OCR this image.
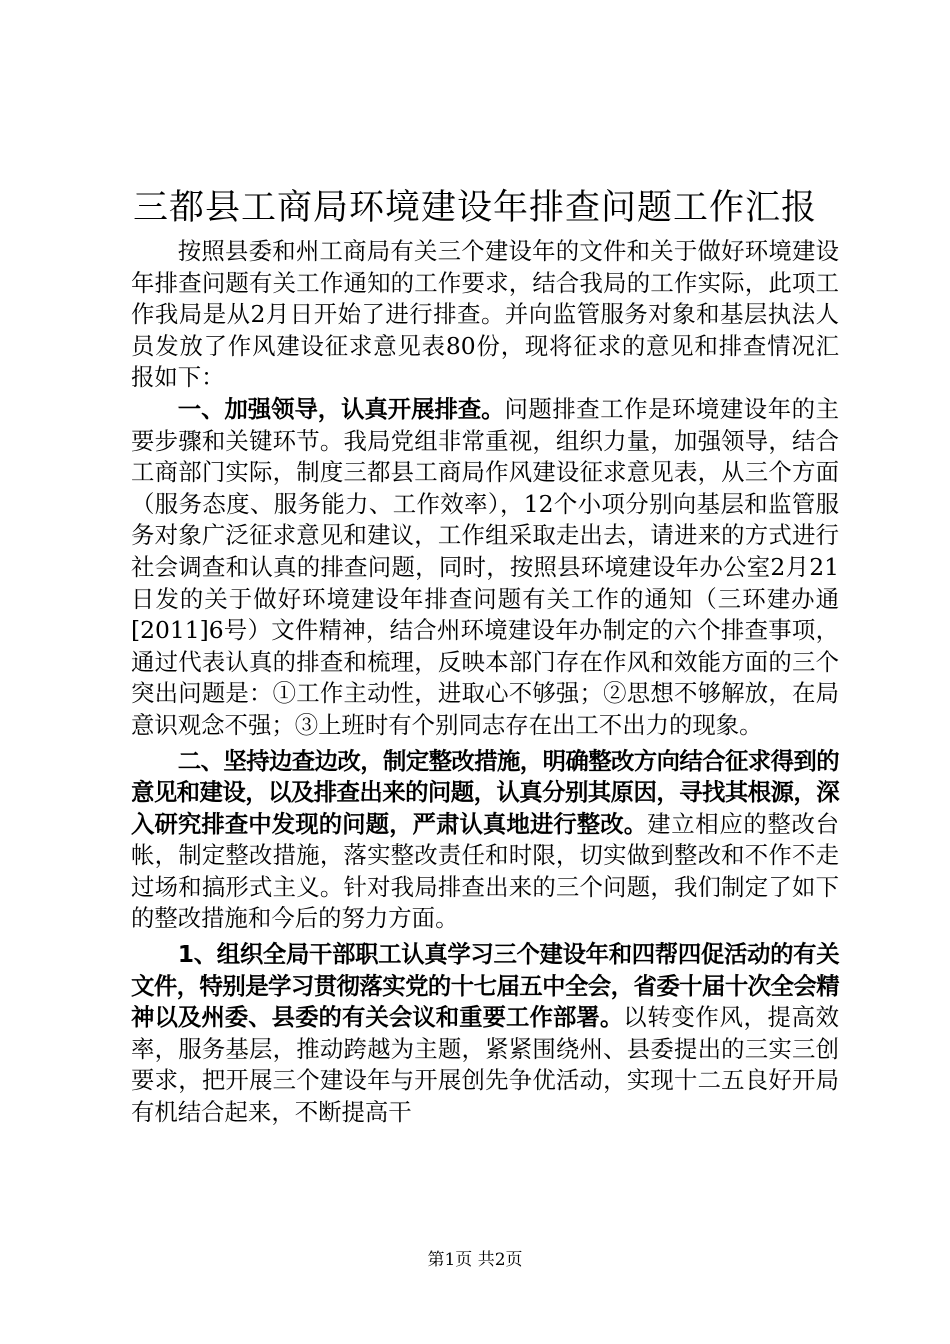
三都县工商局环境建设年排查问题工作汇报

按照县委和州工商局有关三个建设年的文件和关于做好环境建设年排查问题有关工作通知的工作要求，结合我局的工作实际，此项工作我局是从2月日开始了进行排查。并向监管服务对象和基层执法人员发放了作风建设征求意见表80份，现将征求的意见和排查情况汇报如下：

一、加强领导，认真开展排查。问题排查工作是环境建设年的主要步骤和关键环节。我局党组非常重视，组织力量，加强领导，结合工商部门实际，制度三都县工商局作风建设征求意见表，从三个方面（服务态度、服务能力、工作效率），12个小项分别向基层和监管服务对象广泛征求意见和建议，工作组采取走出去，请进来的方式进行社会调查和认真的排查问题，同时，按照县环境建设年办公室2月21日发的关于做好环境建设年排查问题有关工作的通知（三环建办通[2011]6号）文件精神，结合州环境建设年办制定的六个排查事项，通过代表认真的排查和梳理，反映本部门存在作风和效能方面的三个突出问题是：①工作主动性，进取心不够强；②思想不够解放，在局意识观念不强；③上班时有个别同志存在出工不出力的现象。

二、坚持边查边改，制定整改措施，明确整改方向结合征求得到的意见和建设，以及排查出来的问题，认真分别其原因，寻找其根源，深入研究排查中发现的问题，严肃认真地进行整改。建立相应的整改台帐，制定整改措施，落实整改责任和时限，切实做到整改和不作不走过场和搞形式主义。针对我局排查出来的三个问题，我们制定了如下的整改措施和今后的努力方面。

1、组织全局干部职工认真学习三个建设年和四帮四促活动的有关文件，特别是学习贯彻落实党的十七届五中全会，省委十届十次全会精神以及州委、县委的有关会议和重要工作部署。以转变作风，提高效率，服务基层，推动跨越为主题，紧紧围绕州、县委提出的三实三创要求，把开展三个建设年与开展创先争优活动，实现十二五良好开局有机结合起来，不断提高干

第1页 共2页
